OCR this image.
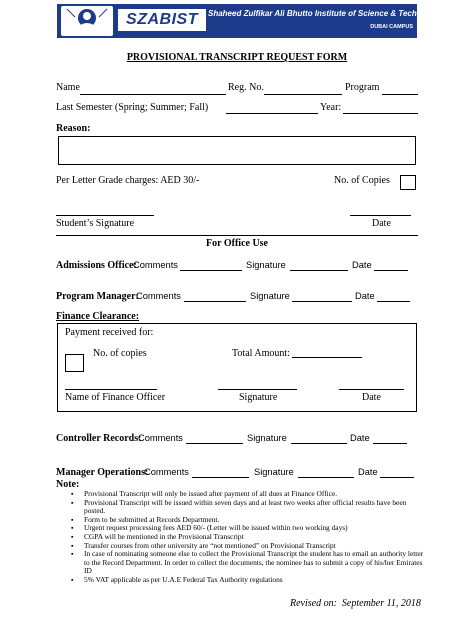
SZABIST	Shaheed Zulfikar Ali Bhutto Institute of Science & Technology
DUBAI CAMPUS
PROVISIONAL TRANSCRIPT REQUEST FORM
Name	Reg. No.	Program
Last Semester (Spring; Summer; Fall)	Year:
Reason:
Per Letter Grade charges: AED 30/-	No. of Copies
Student’s Signature	Date
For Office Use
Admissions Office:
Comments	Signature	Date
Program Manager:
Comments	Signature	Date
Finance Clearance:
Payment received for:
No. of copies	Total Amount:
Name of Finance Officer	Signature	Date
Controller Records:
Comments	Signature	Date
Manager Operations:
Comments	Signature	Date
Note:
▪ Provisional Transcript will only be issued after payment of all dues at Finance Office.
▪ Provisional Transcript will be issued within seven days and at least two weeks after official results have been posted.
▪ Form to be submitted at Records Department.
▪ Urgent request processing fees AED 60/- (Letter will be issued within two working days)
▪ CGPA will be mentioned in the Provisional Transcript
▪ Transfer courses from other university are “not mentioned” on Provisional Transcript
▪ In case of nominating someone else to collect the Provisional Transcript the student has to email an authority letter to the Record Department. In order to collect the documents, the nominee has to submit a copy of his/her Emirates ID
▪ 5% VAT applicable as per U.A.E Federal Tax Authority regulations
Revised on:  September 11, 2018
